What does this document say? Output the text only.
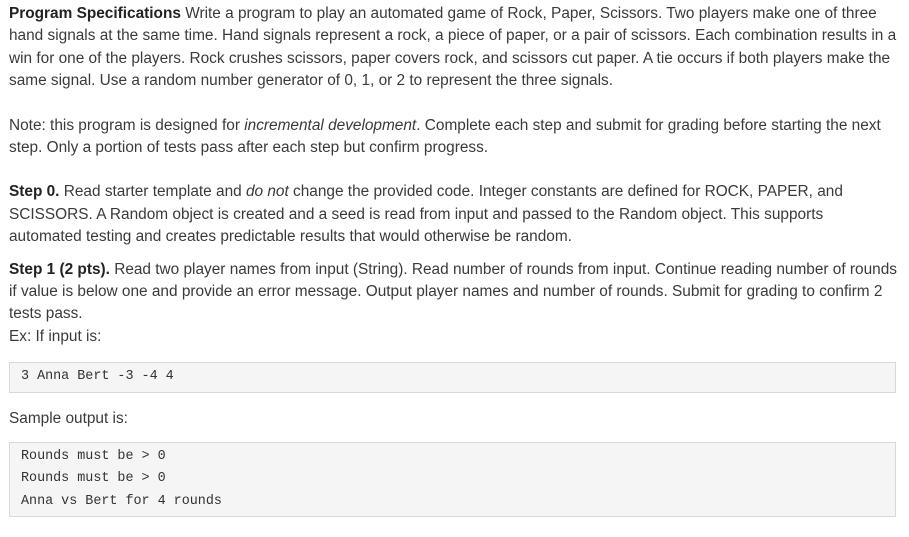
Program Specifications Write a program to play an automated game of Rock, Paper, Scissors. Two players make one of three hand signals at the same time. Hand signals represent a rock, a piece of paper, or a pair of scissors. Each combination results in a win for one of the players. Rock crushes scissors, paper covers rock, and scissors cut paper. A tie occurs if both players make the same signal. Use a random number generator of 0, 1, or 2 to represent the three signals.

Note: this program is designed for incremental development. Complete each step and submit for grading before starting the next step. Only a portion of tests pass after each step but confirm progress.

Step 0. Read starter template and do not change the provided code. Integer constants are defined for ROCK, PAPER, and SCISSORS. A Random object is created and a seed is read from input and passed to the Random object. This supports automated testing and creates predictable results that would otherwise be random.

Step 1 (2 pts). Read two player names from input (String). Read number of rounds from input. Continue reading number of rounds if value is below one and provide an error message. Output player names and number of rounds. Submit for grading to confirm 2 tests pass.

Ex: If input is:

3 Anna Bert -3 -4 4

Sample output is:

Rounds must be > 0
Rounds must be > 0
Anna vs Bert for 4 rounds
